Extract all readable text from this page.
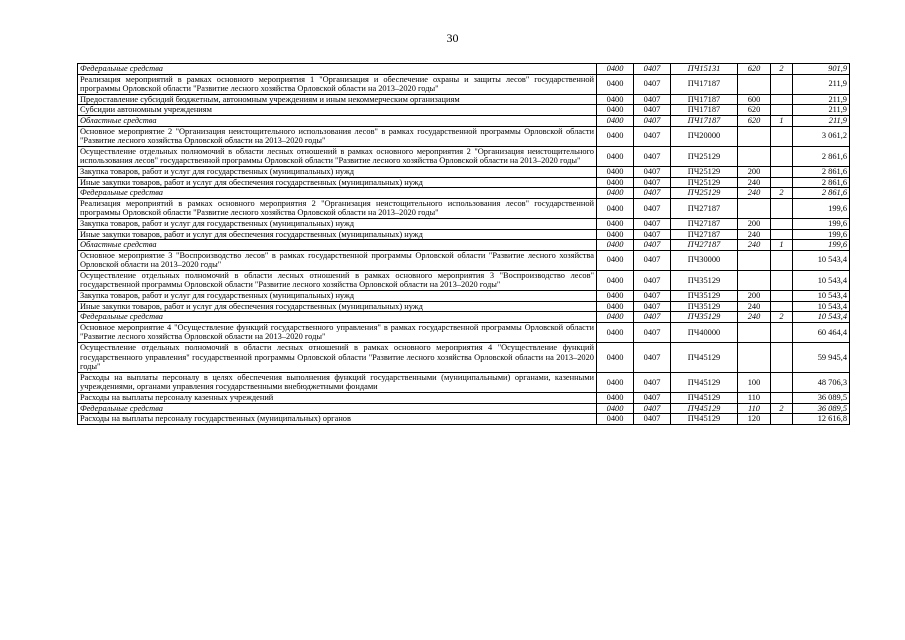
30
Федеральные средства	0400	0407	ПЧ15131	620	2	901,9
Реализация мероприятий в рамках основного мероприятия 1 "Организация и обеспечение охраны и защиты лесов" государственной программы Орловской области "Развитие лесного хозяйства Орловской области на 2013–2020 годы"	0400	0407	ПЧ17187			211,9
Предоставление субсидий бюджетным, автономным учреждениям и иным некоммерческим организациям	0400	0407	ПЧ17187	600		211,9
Субсидии автономным учреждениям	0400	0407	ПЧ17187	620		211,9
Областные средства	0400	0407	ПЧ17187	620	1	211,9
Основное мероприятие 2 "Организация неистощительного использования лесов" в рамках государственной программы Орловской области "Развитие лесного хозяйства Орловской области на 2013–2020 годы"	0400	0407	ПЧ20000			3 061,2
Осуществление отдельных полномочий в области лесных отношений в рамках основного мероприятия 2 "Организация неистощительного использования лесов" государственной программы Орловской области "Развитие лесного хозяйства Орловской области на 2013–2020 годы"	0400	0407	ПЧ25129			2 861,6
Закупка товаров, работ и услуг для государственных (муниципальных) нужд	0400	0407	ПЧ25129	200		2 861,6
Иные закупки товаров, работ и услуг для обеспечения государственных (муниципальных) нужд	0400	0407	ПЧ25129	240		2 861,6
Федеральные средства	0400	0407	ПЧ25129	240	2	2 861,6
Реализация мероприятий в рамках основного мероприятия 2 "Организация неистощительного использования лесов" государственной программы Орловской области "Развитие лесного хозяйства Орловской области на 2013–2020 годы"	0400	0407	ПЧ27187			199,6
Закупка товаров, работ и услуг для государственных (муниципальных) нужд	0400	0407	ПЧ27187	200		199,6
Иные закупки товаров, работ и услуг для обеспечения государственных (муниципальных) нужд	0400	0407	ПЧ27187	240		199,6
Областные средства	0400	0407	ПЧ27187	240	1	199,6
Основное мероприятие 3 "Воспроизводство лесов" в рамках государственной программы Орловской области "Развитие лесного хозяйства Орловской области на 2013–2020 годы"	0400	0407	ПЧ30000			10 543,4
Осуществление отдельных полномочий в области лесных отношений в рамках основного мероприятия 3 "Воспроизводство лесов" государственной программы Орловской области "Развитие лесного хозяйства Орловской области на 2013–2020 годы"	0400	0407	ПЧ35129			10 543,4
Закупка товаров, работ и услуг для государственных (муниципальных) нужд	0400	0407	ПЧ35129	200		10 543,4
Иные закупки товаров, работ и услуг для обеспечения государственных (муниципальных) нужд	0400	0407	ПЧ35129	240		10 543,4
Федеральные средства	0400	0407	ПЧ35129	240	2	10 543,4
Основное мероприятие 4 "Осуществление функций государственного управления" в рамках государственной программы Орловской области "Развитие лесного хозяйства Орловской области на 2013–2020 годы"	0400	0407	ПЧ40000			60 464,4
Осуществление отдельных полномочий в области лесных отношений в рамках основного мероприятия 4 "Осуществление функций государственного управления" государственной программы Орловской области "Развитие лесного хозяйства Орловской области на 2013–2020 годы"	0400	0407	ПЧ45129			59 945,4
Расходы на выплаты персоналу в целях обеспечения выполнения функций государственными (муниципальными) органами, казенными учреждениями, органами управления государственными внебюджетными фондами	0400	0407	ПЧ45129	100		48 706,3
Расходы на выплаты персоналу казенных учреждений	0400	0407	ПЧ45129	110		36 089,5
Федеральные средства	0400	0407	ПЧ45129	110	2	36 089,5
Расходы на выплаты персоналу государственных (муниципальных) органов	0400	0407	ПЧ45129	120		12 616,8
